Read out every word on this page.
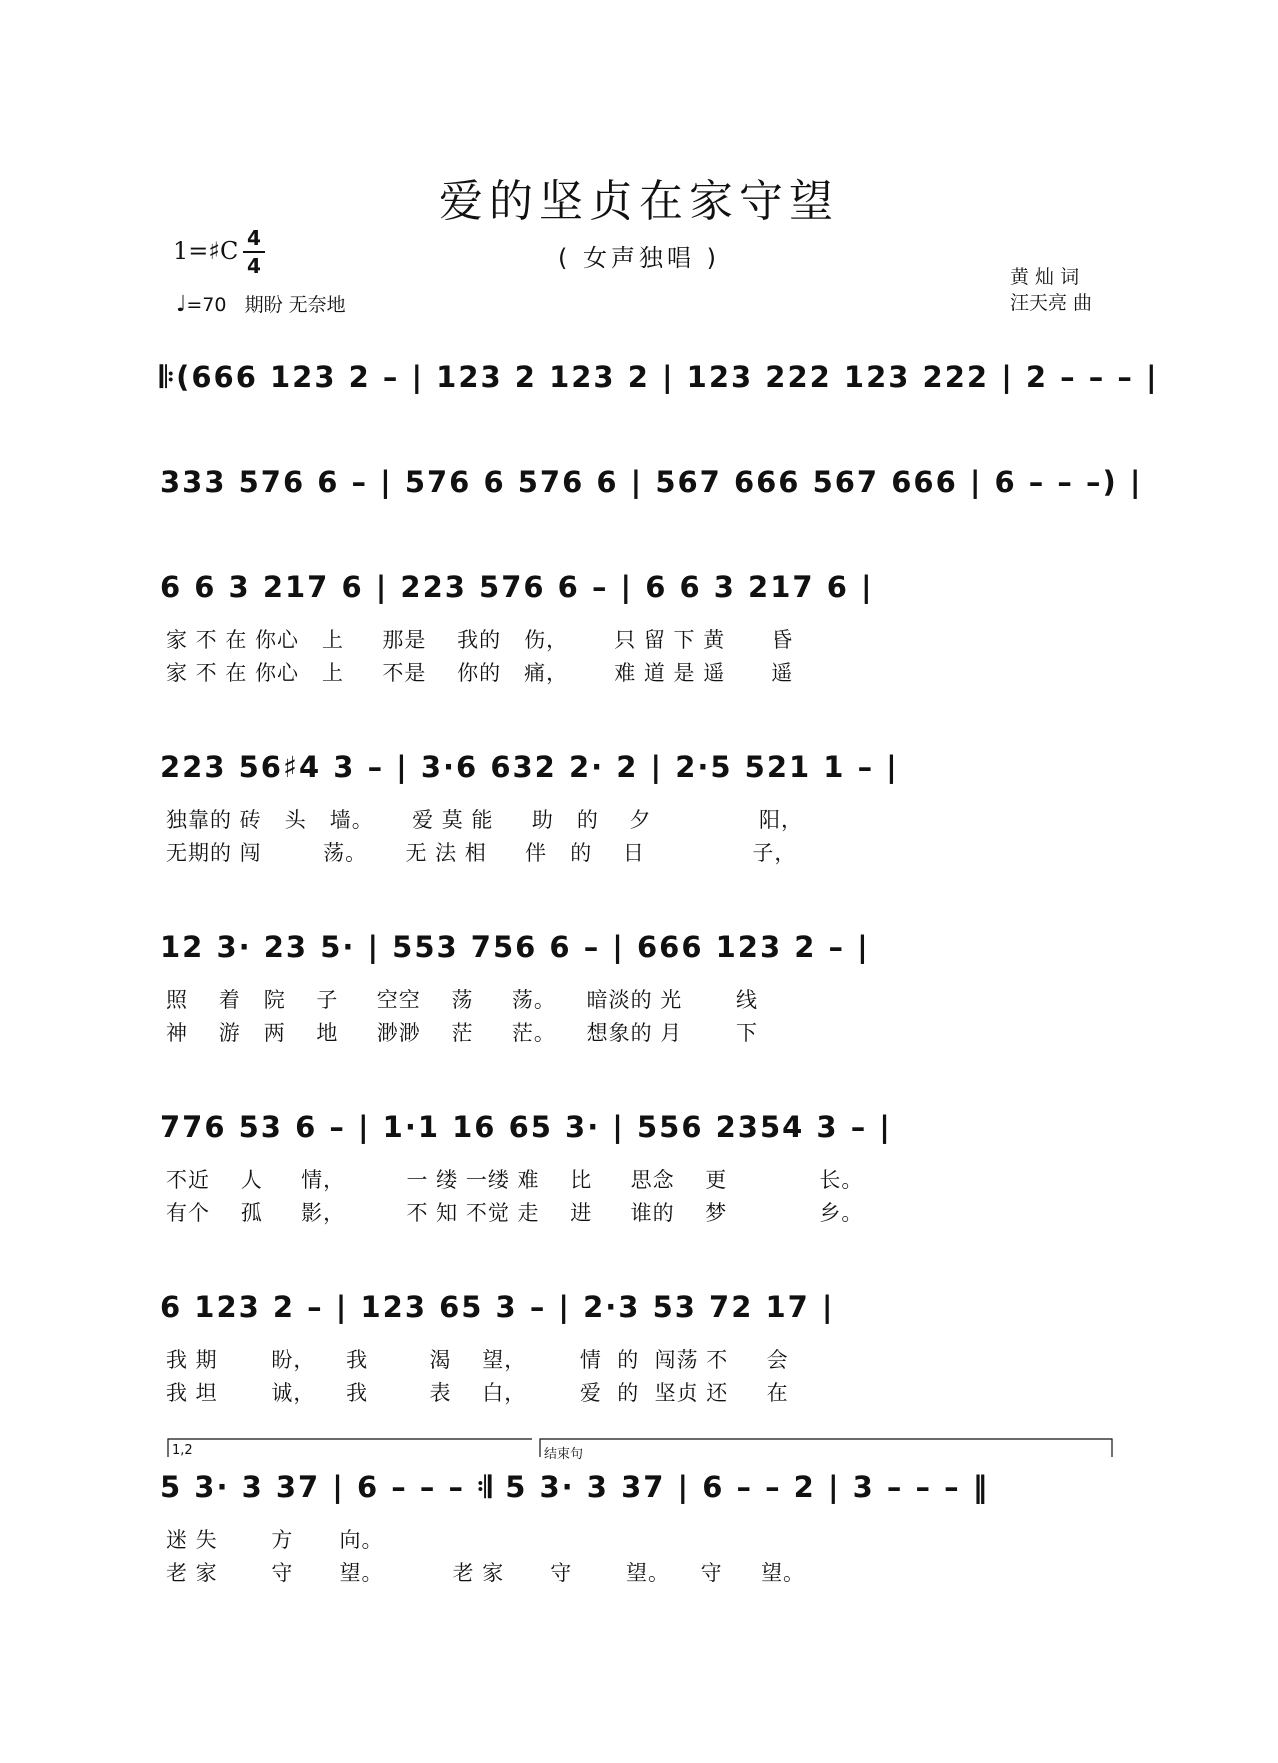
爱的坚贞在家守望
( 女声独唱 )
1=♯C 4
4
♩=70 期盼 无奈地
黄 灿 词
汪天亮 曲
𝄆(666 123 2 – | 123 2 123 2 | 123 222 123 222 | 2 – – – |
333 576 6 – | 576 6 576 6 | 567 666 567 666 | 6 – – –) |
6 6 3 217 6 | 223 576 6 – | 6 6 3 217 6 |
家 不 在 你心   上     那是    我的   伤，      只 留 下 黄      昏
家 不 在 你心   上     不是    你的   痛，      难 道 是 遥      遥
223 56♯4 3 – | 3·6 632 2· 2 | 2·5 521 1 – |
独靠的 砖   头   墙。     爱 莫 能     助   的    夕              阳，
无期的 闯        荡。     无 法 相     伴   的    日              子，
12 3· 23 5· | 553 756 6 – | 666 123 2 – |
照    着   院    子     空空    荡     荡。    暗淡的 光       线
神    游   两    地     渺渺    茫     茫。    想象的 月       下
776 53 6 – | 1·1 16 65 3· | 556 2354 3 – |
不近    人     情，        一 缕 一缕 难    比     思念    更            长。
有个    孤     影，        不 知 不觉 走    进     谁的    梦            乡。
6 123 2 – | 123 65 3 – | 2·3 53 72 17 |
我 期       盼，    我        渴    望，       情  的  闯荡 不     会
我 坦       诚，    我        表    白，       爱  的  坚贞 还     在
1,2	结束句
5 3· 3 37 | 6 – – – 𝄇 5 3· 3 37 | 6 – – 2 | 3 – – – ‖
迷 失       方      向。
老 家       守      望。         老 家      守       望。    守     望。
